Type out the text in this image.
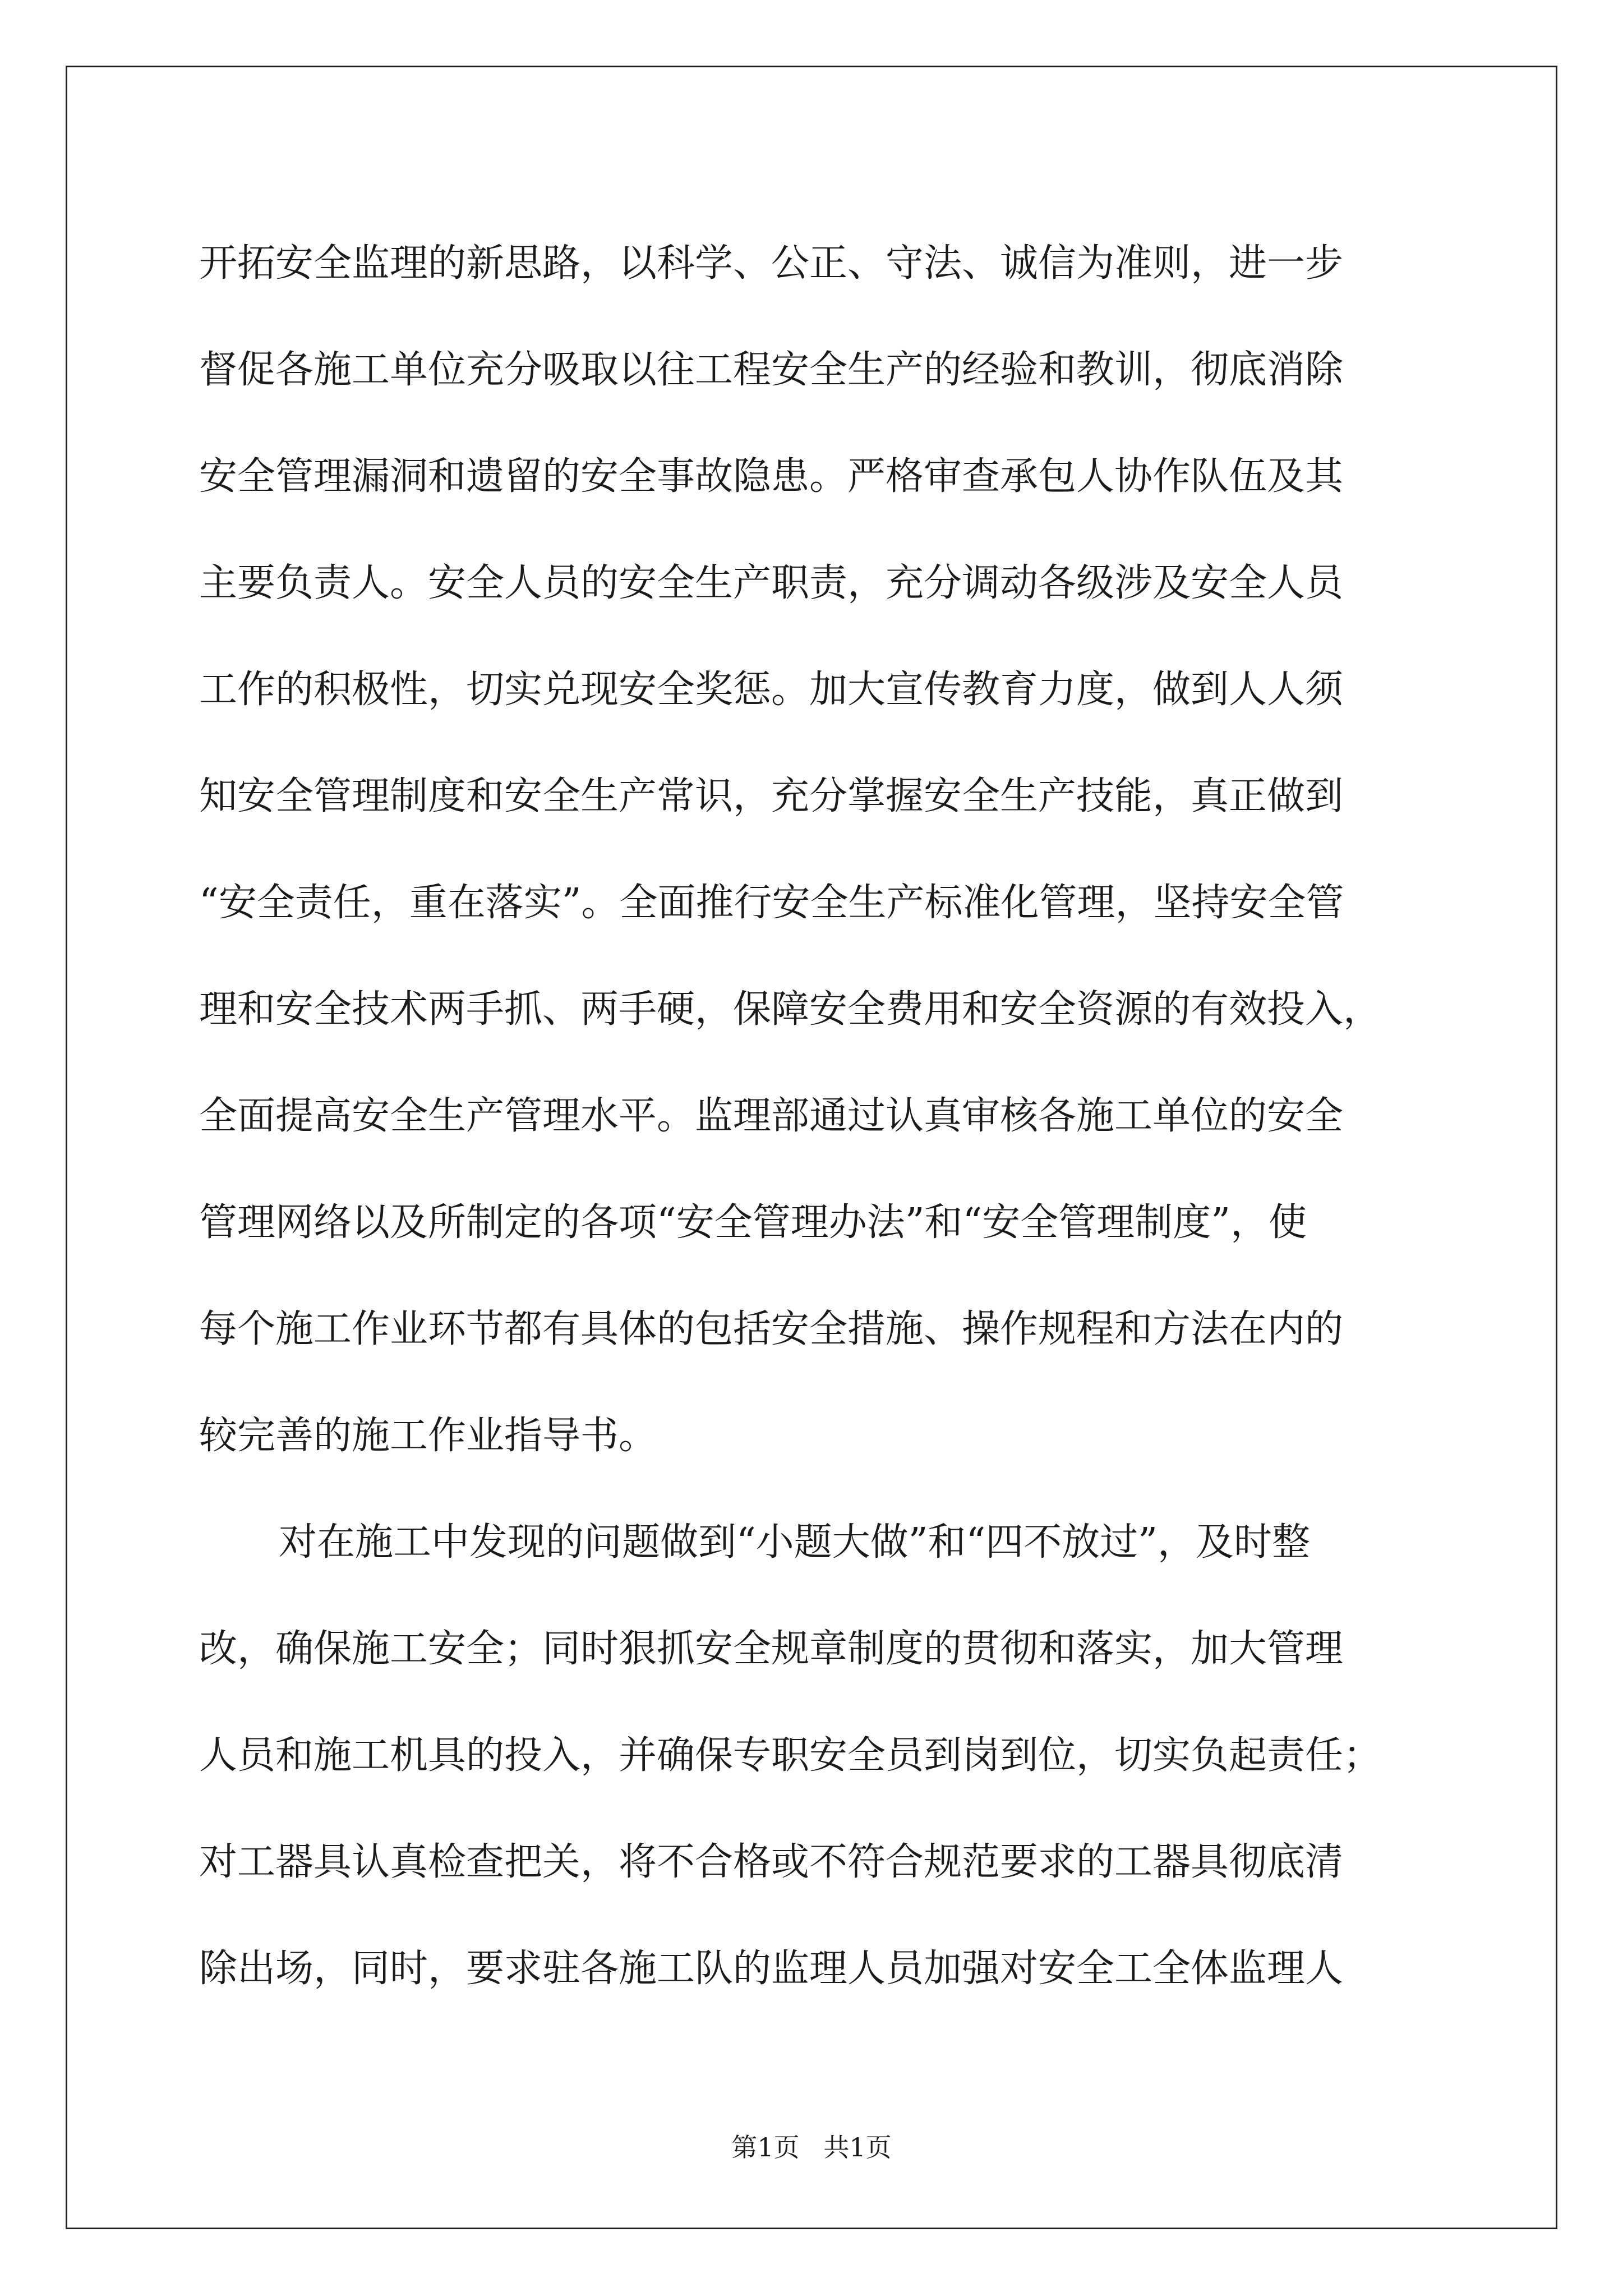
开拓安全监理的新思路，以科学、公正、守法、诚信为准则，进一步
督促各施工单位充分吸取以往工程安全生产的经验和教训，彻底消除
安全管理漏洞和遗留的安全事故隐患。严格审查承包人协作队伍及其
主要负责人。安全人员的安全生产职责，充分调动各级涉及安全人员
工作的积极性，切实兑现安全奖惩。加大宣传教育力度，做到人人须
知安全管理制度和安全生产常识，充分掌握安全生产技能，真正做到
“安全责任，重在落实”。全面推行安全生产标准化管理，坚持安全管
理和安全技术两手抓、两手硬，保障安全费用和安全资源的有效投入，
全面提高安全生产管理水平。监理部通过认真审核各施工单位的安全
管理网络以及所制定的各项“安全管理办法”和“安全管理制度”，使
每个施工作业环节都有具体的包括安全措施、操作规程和方法在内的
较完善的施工作业指导书。
对在施工中发现的问题做到“小题大做”和“四不放过”，及时整
改，确保施工安全；同时狠抓安全规章制度的贯彻和落实，加大管理
人员和施工机具的投入，并确保专职安全员到岗到位，切实负起责任；
对工器具认真检查把关，将不合格或不符合规范要求的工器具彻底清
除出场，同时，要求驻各施工队的监理人员加强对安全工全体监理人
第1页 共1页
